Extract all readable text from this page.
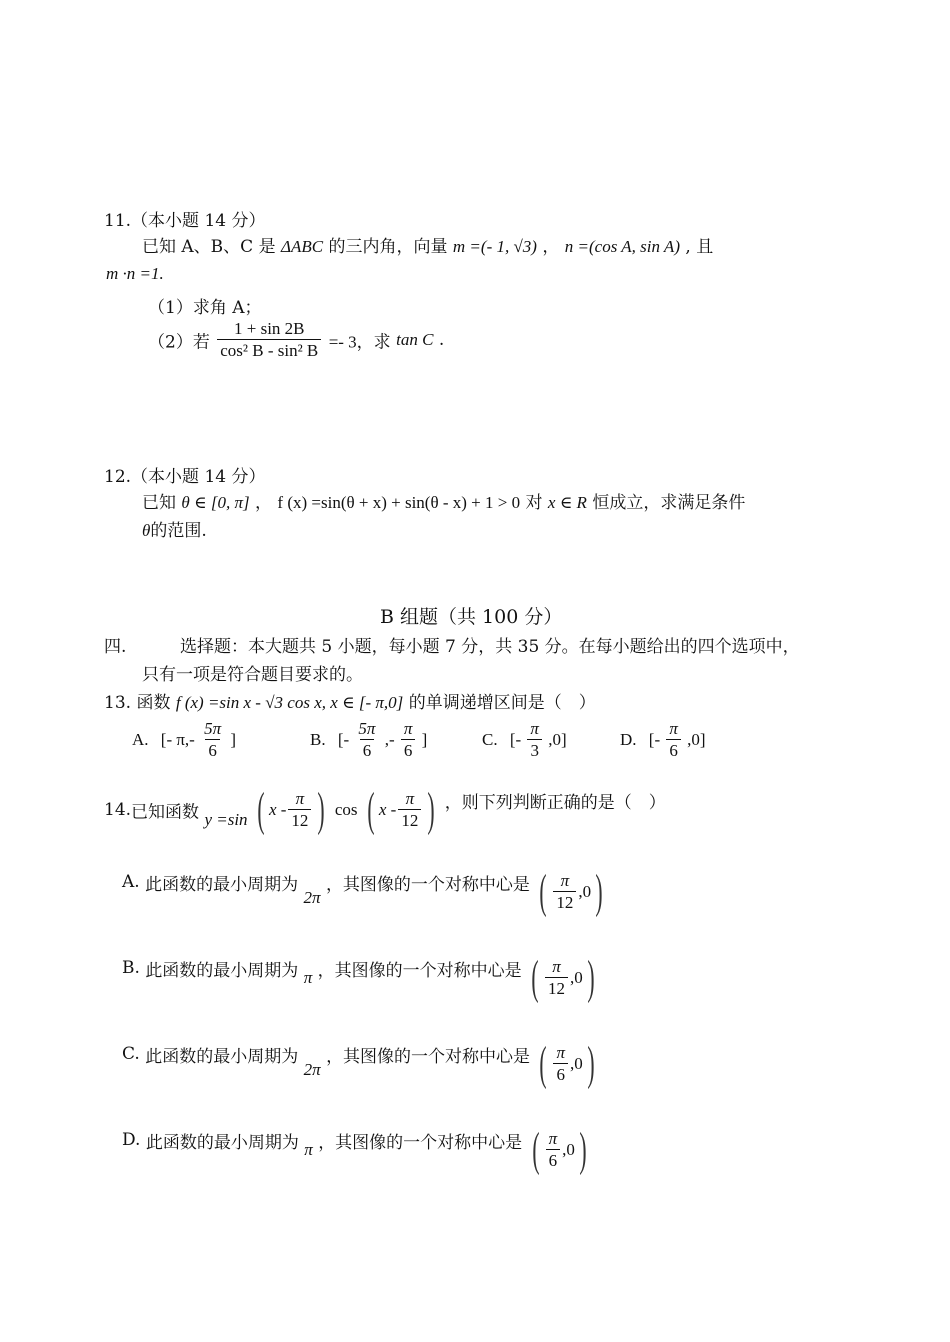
11.（本小题 14 分）
已知 A、B、C 是 ΔABC 的三内角，向量 m =(- 1, √3) ， n =(cos A, sin A) , 且
m ·n =1.
（1）求角 A；
（2）若 $\frac{1 + \sin 2B}{\text{cos² B - sin² B}} =- 3$，求 tan C .
12.（本小题 14 分）
已知 θ ∈ [0, π] ， f (x) =sin(θ + x) + sin(θ - x) + 1 > 0 对 x ∈ R 恒成立，求满足条件
θ的范围.
B 组题（共 100 分）
四.	选择题：本大题共 5 小题，每小题 7 分，共 35 分。在每小题给出的四个选项中，
只有一项是符合题目要求的。
13. 函数 f (x) =sin x - √3 cos x, x ∈ [- π,0] 的单调递增区间是（　）
A. [- $\pi,- \frac{5\pi}{6}$ ]	B. [- $\frac{5\pi}{6}$ ,- $\frac{\pi}{6}$ ]	C. [- $\frac{\pi}{3} ,0$]	D. [- $\frac{\pi}{6} ,0$]
14.已知函数 y =sin ( x - $\frac{\pi}{12}$ ) cos ( x - $\frac{\pi}{12}$ ) ，则下列判断正确的是（　）
A. 此函数的最小周期为 2π ，其图像的一个对称中心是 ( $\frac{\pi}{12} ,0$ )
B. 此函数的最小周期为 π ，其图像的一个对称中心是 ( $\frac{\pi}{12} ,0$ )
C. 此函数的最小周期为 2π ，其图像的一个对称中心是 ( $\frac{\pi}{6} ,0$ )
D. 此函数的最小周期为 π ，其图像的一个对称中心是 ( $\frac{\pi}{6} ,0$ )
